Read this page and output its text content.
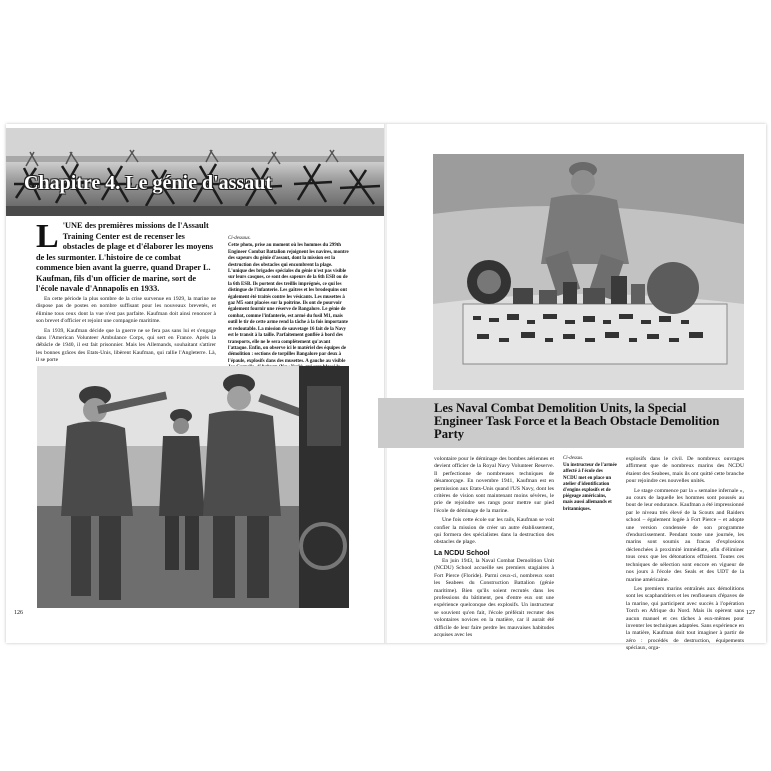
Chapitre 4. Le génie d'assaut
L 'UNE des premières missions de l'Assault Training Center est de recenser les obstacles de plage et d'élaborer les moyens de les surmonter. L'histoire de ce combat commence bien avant la guerre, quand Draper L. Kaufman, fils d'un officier de marine, sort de l'école navale d'Annapolis en 1933.
Ci-dessous.
Cette photo, prise au moment où les hommes du 299th Engineer Combat Battalion rejoignent les navires, montre des sapeurs du génie d'assaut, dont la mission est la destruction des obstacles qui encombrent la plage. L'unique des brigades spéciales du génie n'est pas visible sur leurs casques, ce sont des sapeurs de la 6th ESB ou de la 6th ESB. Ils portent des treillis imprégnés, ce qui les distingue de l'infanterie. Les gaîtres et les brodequins ont également été traités contre les vésicants. Les musettes à gaz M5 sont placées sur la poitrine. Ils ont de pourvoir également fournir une réserve de Bangalore. Le génie de combat, comme l'infanterie, est armé du fusil M1, mais outil le tir de cette arme rend la tâche à la fois importante et redoutable. La mission de sauvetage 16 fait de la Navy est le transit à la taille. Parfaitement gonflée à bord des transports, elle ne le sera complètement qu'avant l'attaque. Enfin, on observe ici le matériel des équipes de démolition : sections de torpilles Bangalore par deux à l'épaule, explosifs dans des musettes. A gauche au visible

En cette période la plus sombre de la crise survenue en 1929, la marine ne dispose pas de postes en nombre suffisant pour les nouveaux brevetés, et élimine tous ceux dont la vue n'est pas parfaite. Kaufman doit ainsi renoncer à son brevet d'officier et rejoint une compagnie maritime.

En 1939, Kaufman décide que la guerre ne se fera pas sans lui et s'engage dans l'American Volunteer Ambulance Corps, qui sert en France. Après la débâcle de 1940, il est fait prisonnier. Mais les Allemands, souhaitant s'attirer les bonnes grâces des Etats-Unis, libèrent Kaufman, qui rallie l'Angleterre. Là, il se porte

126
Les Naval Combat Demolition Units, la Special Engineer Task Force et la Beach Obstacle Demolition Party

volontaire pour le déminage des bombes aériennes et devient officier de la Royal Navy Volunteer Reserve. Il perfectionne de nombreuses techniques de désamorçage. En novembre 1941, Kaufman est en permission aux Etats-Unis quand l'US Navy, dont les critères de vision sont maintenant moins sévères, le prie de rejoindre ses rangs pour mettre sur pied l'école de déminage de la marine.

Une fois cette école sur les rails, Kaufman se voit confier la mission de créer un autre établissement, qui formera des spécialistes dans la destruction des obstacles de plage.

La NCDU School

En juin 1943, la Naval Combat Demolition Unit (NCDU) School accueille ses premiers stagiaires à Fort Pierce (Floride). Parmi ceux-ci, nombreux sont les Seabees du Construction Battalion (génie maritime). Bien qu'ils soient recrutés dans les professions du bâtiment, peu d'entre eux ont une expérience quelconque des explosifs. Un instructeur se souvient qu'en fait, l'école préférait recruter des volontaires novices en la matière, car il aurait été difficile de leur faire perdre les mauvaises habitudes acquises avec les

Ci-dessus.
Un instructeur de l'armée affecté à l'école des NCDU met en place un atelier d'identification d'engins explosifs et de piégeage américains, mais aussi allemands et britanniques.

explosifs dans le civil. De nombreux ouvrages affirment que de nombreux marins des NCDU étaient des Seabees, mais ils ont quitté cette branche pour rejoindre ces nouvelles unités.

Le stage commence par la « semaine infernale », au cours de laquelle les hommes sont poussés au bout de leur endurance. Kaufman a été impressionné par le niveau très élevé de la Scouts and Raiders school – également logée à Fort Pierce – et adopte une version condensée de son programme d'endurcissement. Pendant toute une journée, les marins sont soumis au fracas d'explosions déclenchées à proximité immédiate, afin d'éliminer tous ceux que les détonations effraient. Toutes ces techniques de sélection sont encore en vigueur de nos jours à l'école des Seals et des UDT de la marine américaine.

Les premiers marins entraînés aux démolitions sont les scaphandriers et les renfloueurs d'épaves de la marine, qui participent avec succès à l'opération Torch en Afrique du Nord. Mais ils opèrent sans aucun manuel et ces tâches à eux-mêmes pour inventer les techniques adaptées. Sans expérience en la matière, Kaufman doit tout imaginer à partir de zéro : procédés de destruction, équipements spéciaux, orga-

127
